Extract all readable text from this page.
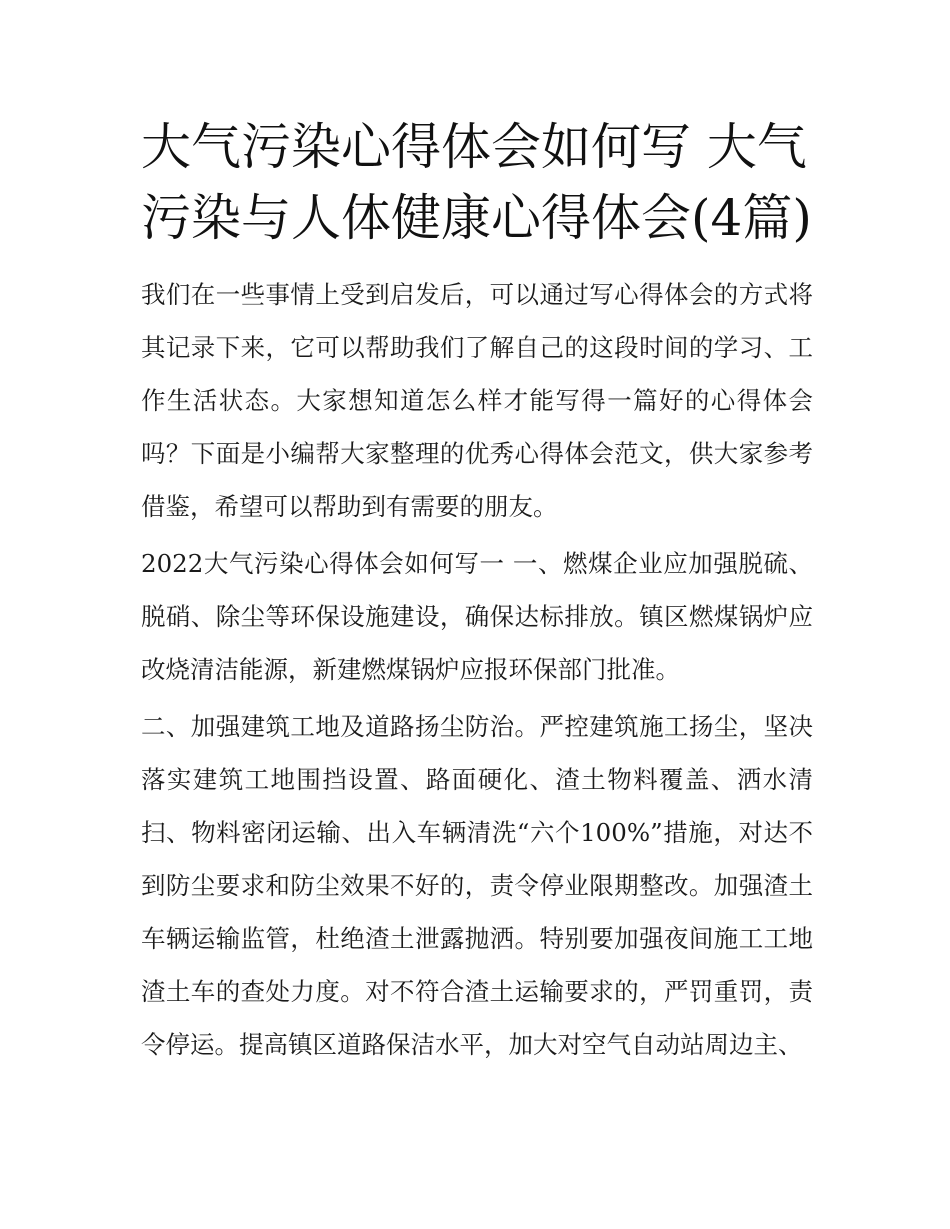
大气污染心得体会如何写 大气污染与人体健康心得体会(4篇)

我们在一些事情上受到启发后，可以通过写心得体会的方式将其记录下来，它可以帮助我们了解自己的这段时间的学习、工作生活状态。大家想知道怎么样才能写得一篇好的心得体会吗？下面是小编帮大家整理的优秀心得体会范文，供大家参考借鉴，希望可以帮助到有需要的朋友。

2022大气污染心得体会如何写一 一、燃煤企业应加强脱硫、脱硝、除尘等环保设施建设，确保达标排放。镇区燃煤锅炉应改烧清洁能源，新建燃煤锅炉应报环保部门批准。

二、加强建筑工地及道路扬尘防治。严控建筑施工扬尘，坚决落实建筑工地围挡设置、路面硬化、渣土物料覆盖、洒水清扫、物料密闭运输、出入车辆清洗“六个100%”措施，对达不到防尘要求和防尘效果不好的，责令停业限期整改。加强渣土车辆运输监管，杜绝渣土泄露抛洒。特别要加强夜间施工工地渣土车的查处力度。对不符合渣土运输要求的，严罚重罚，责令停运。提高镇区道路保洁水平，加大对空气自动站周边主、
